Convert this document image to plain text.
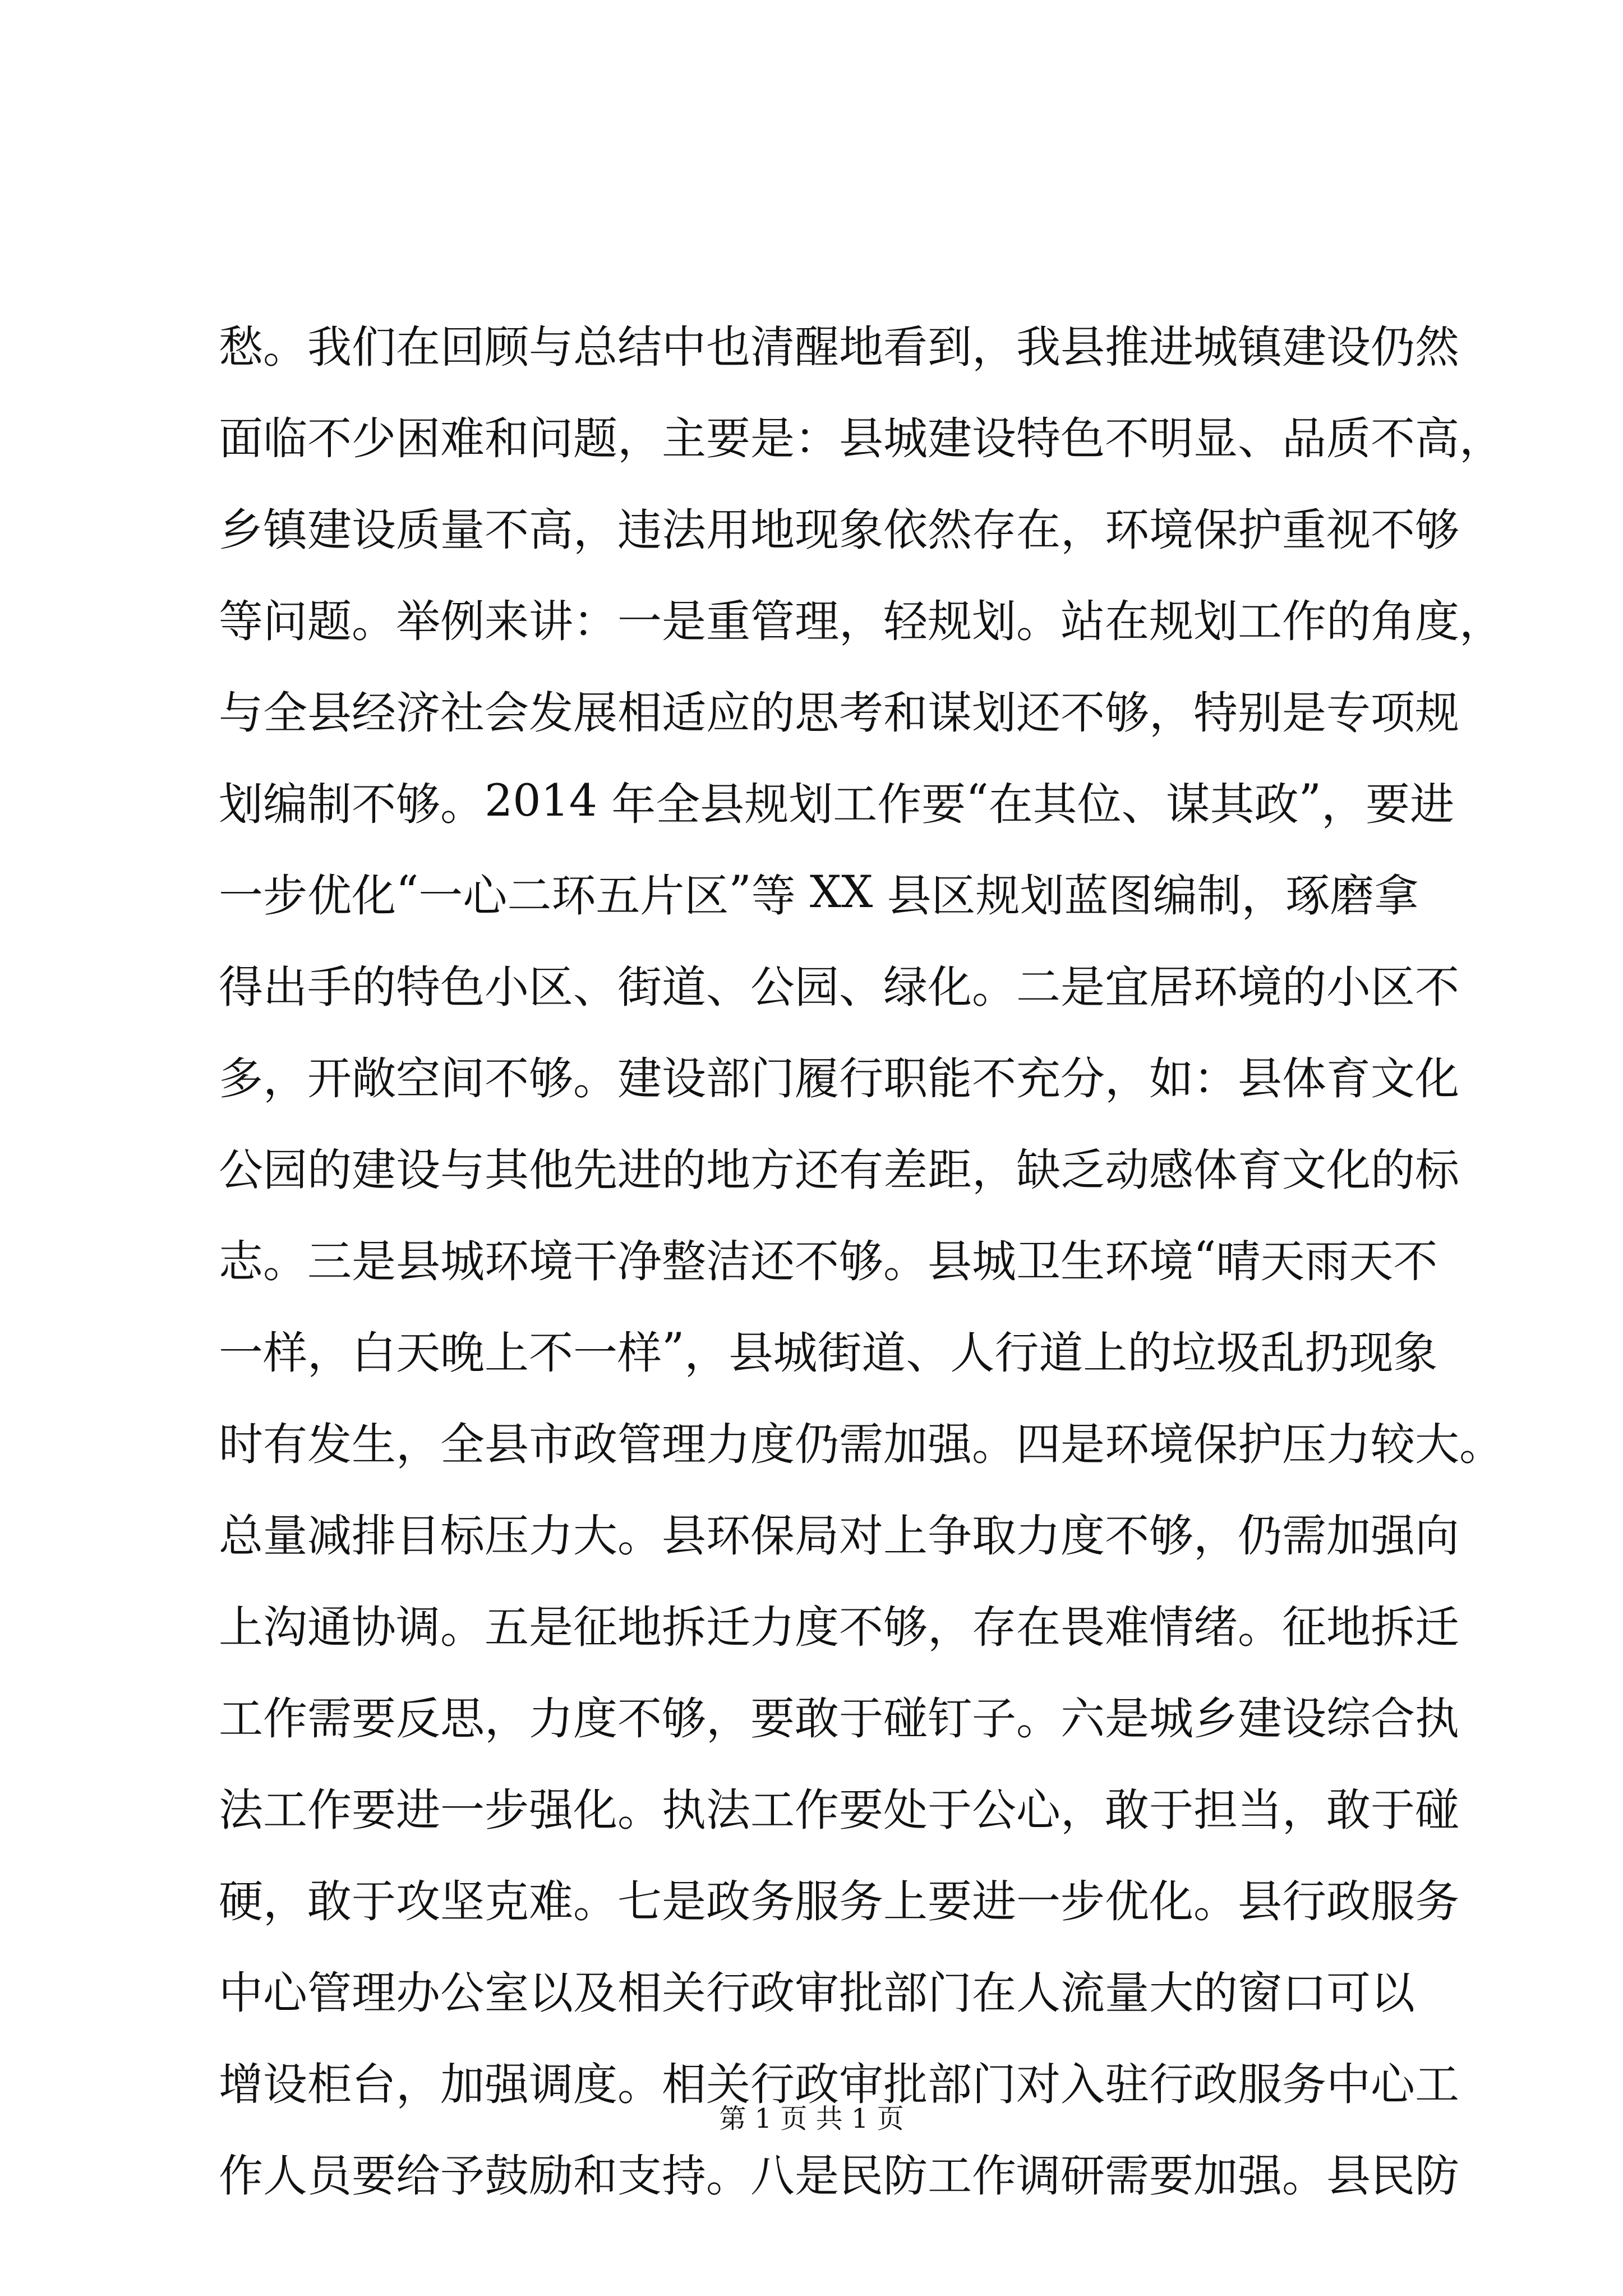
愁 。 我 们 在 回 顾 与 总 结 中 也 清 醒 地 看 到 ， 我 县 推 进 城 镇 建 设 仍 然
面 临 不 少 困 难 和 问 题 ， 主 要 是 ： 县 城 建 设 特 色 不 明 显 、 品 质 不 高 ，
乡 镇 建 设 质 量 不 高 ， 违 法 用 地 现 象 依 然 存 在 ， 环 境 保 护 重 视 不 够
等 问 题 。 举 例 来 讲 ： 一 是 重 管 理 ， 轻 规 划 。 站 在 规 划 工 作 的 角 度 ，
与 全 县 经 济 社 会 发 展 相 适 应 的 思 考 和 谋 划 还 不 够 ， 特 别 是 专 项 规
划 编 制 不 够 。 2 0 1 4
年 全 县 规 划 工 作 要 “ 在 其 位 、 谋 其 政 ” ， 要 进
一 步 优 化 “ 一 心 二 环 五 片 区 ” 等
X X
县 区 规 划 蓝 图 编 制 ， 琢 磨 拿
得 出 手 的 特 色 小 区 、 街 道 、 公 园 、 绿 化 。 二 是 宜 居 环 境 的 小 区 不
多 ， 开 敞 空 间 不 够 。 建 设 部 门 履 行 职 能 不 充 分 ， 如 ： 县 体 育 文 化
公 园 的 建 设 与 其 他 先 进 的 地 方 还 有 差 距 ， 缺 乏 动 感 体 育 文 化 的 标
志 。 三 是 县 城 环 境 干 净 整 洁 还 不 够 。 县 城 卫 生 环 境 “ 晴 天 雨 天 不
一 样 ， 白 天 晚 上 不 一 样 ” ， 县 城 街 道 、 人 行 道 上 的 垃 圾 乱 扔 现 象
时 有 发 生 ， 全 县 市 政 管 理 力 度 仍 需 加 强 。 四 是 环 境 保 护 压 力 较 大 。
总 量 减 排 目 标 压 力 大 。 县 环 保 局 对 上 争 取 力 度 不 够 ， 仍 需 加 强 向
上 沟 通 协 调 。 五 是 征 地 拆 迁 力 度 不 够 ， 存 在 畏 难 情 绪 。 征 地 拆 迁
工 作 需 要 反 思 ， 力 度 不 够 ， 要 敢 于 碰 钉 子 。 六 是 城 乡 建 设 综 合 执
法 工 作 要 进 一 步 强 化 。 执 法 工 作 要 处 于 公 心 ， 敢 于 担 当 ， 敢 于 碰
硬 ， 敢 于 攻 坚 克 难 。 七 是 政 务 服 务 上 要 进 一 步 优 化 。 县 行 政 服 务
中 心 管 理 办 公 室 以 及 相 关 行 政 审 批 部 门 在 人 流 量 大 的 窗 口 可 以
增 设 柜 台 ， 加 强 调 度 。 相 关 行 政 审 批 部 门 对 入 驻 行 政 服 务 中 心 工
作 人 员 要 给 予 鼓 励 和 支 持 。 八 是 民 防 工 作 调 研 需 要 加 强 。 县 民 防
第 1 页 共 1 页
